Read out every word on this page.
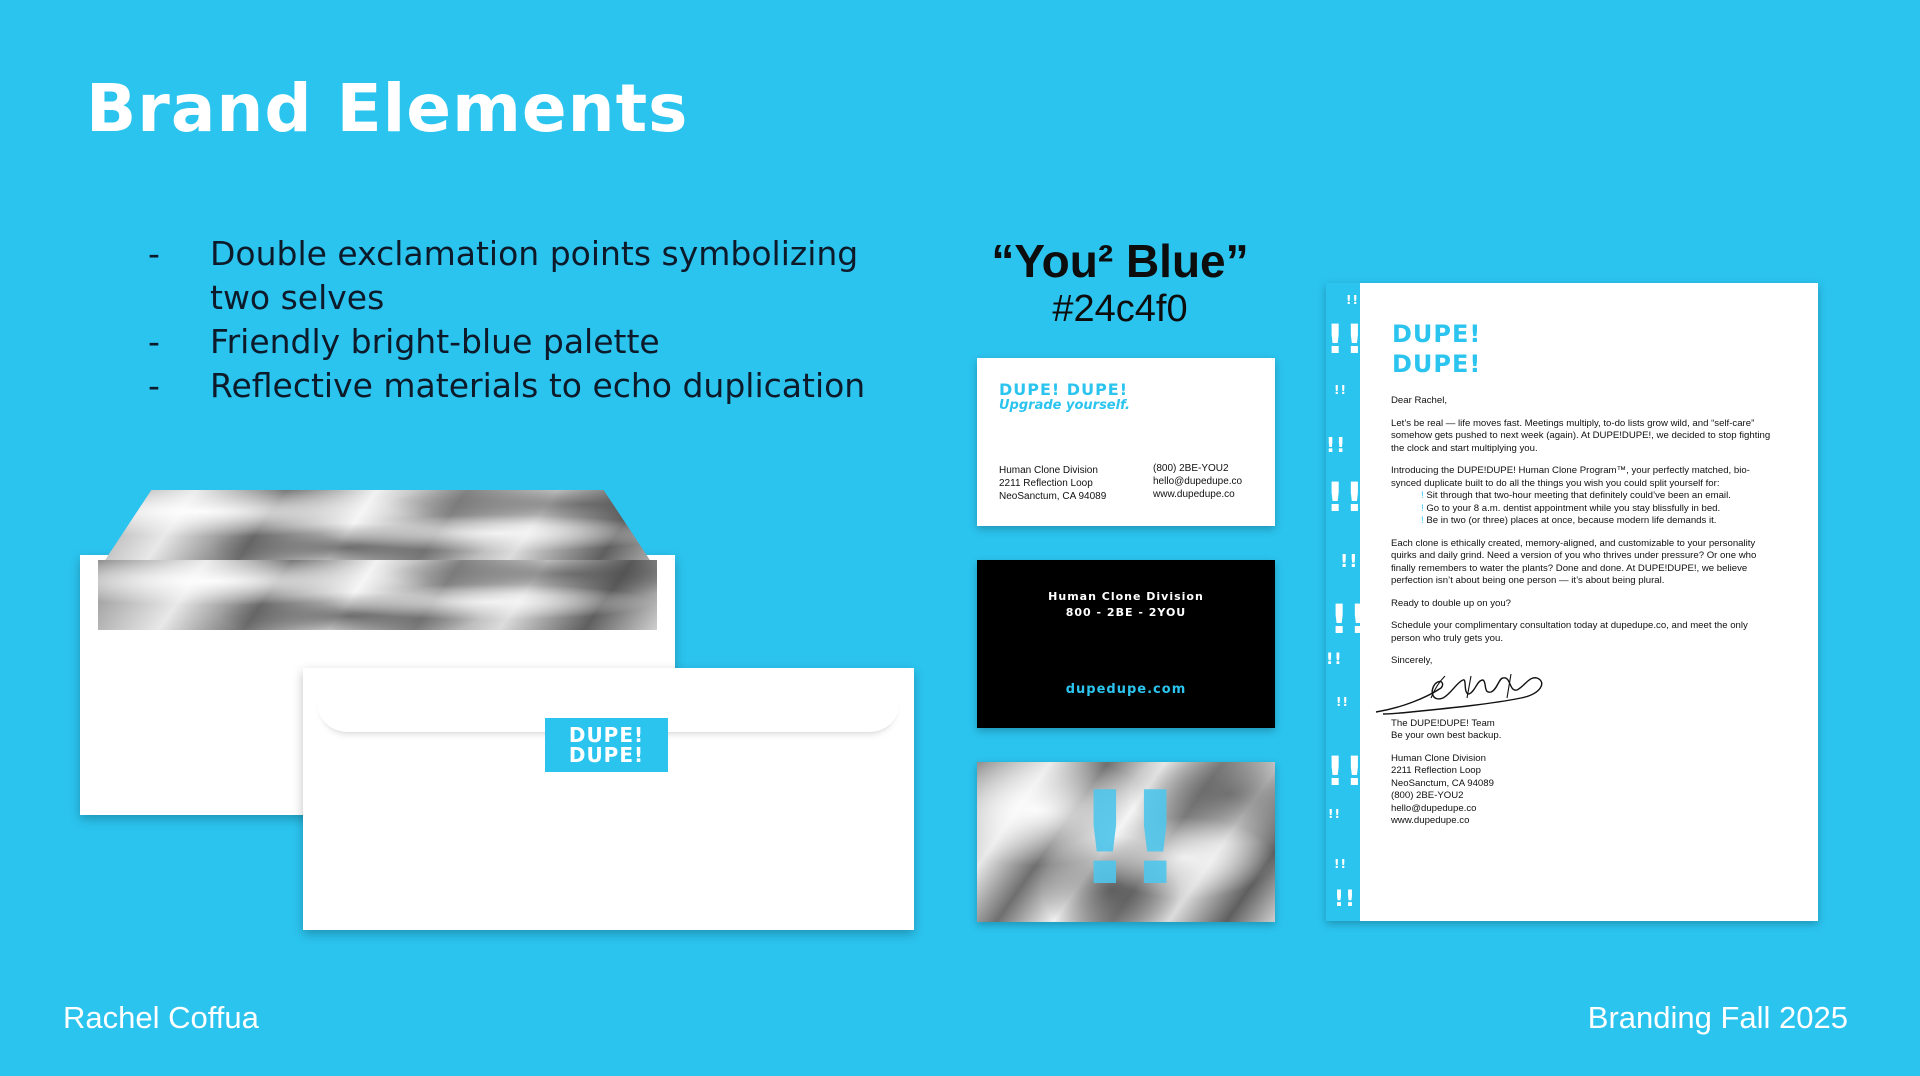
Brand Elements
- Double exclamation points symbolizing two selves
- Friendly bright-blue palette
- Reflective materials to echo duplication
“You² Blue”
#24c4f0
DUPE!
DUPE!
DUPE! DUPE!
Upgrade yourself.
Human Clone Division
2211 Reflection Loop
NeoSanctum, CA 94089
(800) 2BE-YOU2
hello@dupedupe.co
www.dupedupe.co
Human Clone Division
800 - 2BE - 2YOU
dupedupe.com
!!
!!
!!
!!
!!
!!
!!
!!
!!
!!
!!
!!
!!
!!
DUPE!
DUPE!

Dear Rachel,

Let’s be real — life moves fast. Meetings multiply, to-do lists grow wild, and “self-care” somehow gets pushed to next week (again). At DUPE!DUPE!, we decided to stop fighting the clock and start multiplying you.

Introducing the DUPE!DUPE! Human Clone Program™, your perfectly matched, bio-synced duplicate built to do all the things you wish you could split yourself for:

! Sit through that two-hour meeting that definitely could’ve been an email.
! Go to your 8 a.m. dentist appointment while you stay blissfully in bed.
! Be in two (or three) places at once, because modern life demands it.

Each clone is ethically created, memory-aligned, and customizable to your personality quirks and daily grind. Need a version of you who thrives under pressure? Or one who finally remembers to water the plants? Done and done. At DUPE!DUPE!, we believe perfection isn’t about being one person — it’s about being plural.

Ready to double up on you?

Schedule your complimentary consultation today at dupedupe.co, and meet the only person who truly gets you.

Sincerely,

The DUPE!DUPE! Team
Be your own best backup.
Human Clone Division
2211 Reflection Loop
NeoSanctum, CA 94089
(800) 2BE-YOU2
hello@dupedupe.co
www.dupedupe.co
Rachel Coffua	Branding Fall 2025
